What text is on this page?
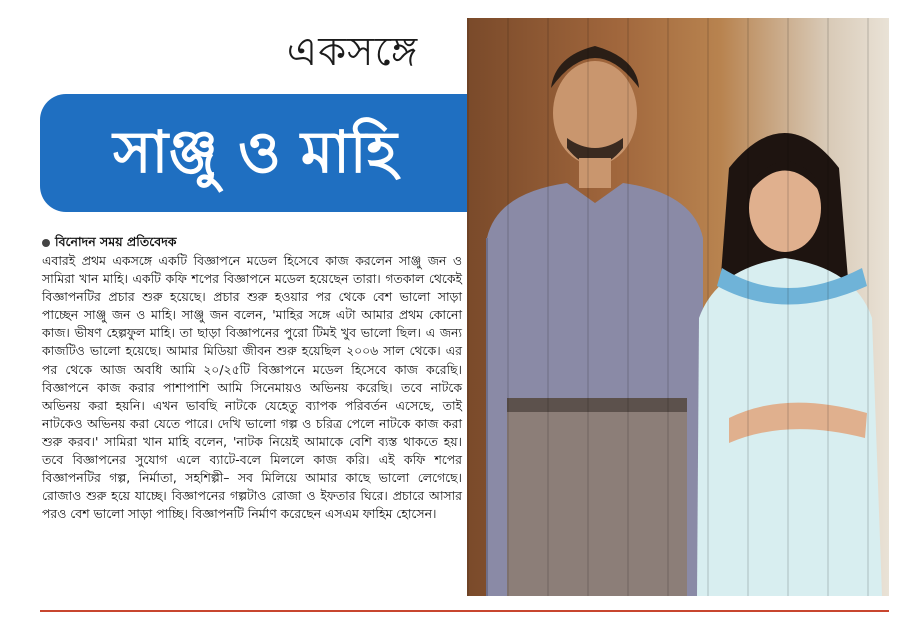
একসঙ্গে
সাঞ্জু ও মাহি
বিনোদন সময় প্রতিবেদক
এবারই প্রথম একসঙ্গে একটি বিজ্ঞাপনে মডেল হিসেবে কাজ করলেন সাঞ্জু জন ও সামিরা খান মাহি। একটি কফি শপের বিজ্ঞাপনে মডেল হয়েছেন তারা। গতকাল থেকেই বিজ্ঞাপনটির প্রচার শুরু হয়েছে। প্রচার শুরু হওয়ার পর থেকে বেশ ভালো সাড়া পাচ্ছেন সাঞ্জু জন ও মাহি। সাঞ্জু জন বলেন, 'মাহির সঙ্গে এটা আমার প্রথম কোনো কাজ। ভীষণ হেল্পফুল মাহি। তা ছাড়া বিজ্ঞাপনের পুরো টিমই খুব ভালো ছিল। এ জন্য কাজটিও ভালো হয়েছে। আমার মিডিয়া জীবন শুরু হয়েছিল ২০০৬ সাল থেকে। এর পর থেকে আজ অবধি আমি ২০/২৫টি বিজ্ঞাপনে মডেল হিসেবে কাজ করেছি। বিজ্ঞাপনে কাজ করার পাশাপাশি আমি সিনেমায়ও অভিনয় করেছি। তবে নাটকে অভিনয় করা হয়নি। এখন ভাবছি নাটকে যেহেতু ব্যাপক পরিবর্তন এসেছে, তাই নাটকেও অভিনয় করা যেতে পারে। দেখি ভালো গল্প ও চরিত্র পেলে নাটকে কাজ করা শুরু করব।' সামিরা খান মাহি বলেন, 'নাটক নিয়েই আমাকে বেশি ব্যস্ত থাকতে হয়। তবে বিজ্ঞাপনের সুযোগ এলে ব্যাটে-বলে মিললে কাজ করি। এই কফি শপের বিজ্ঞাপনটির গল্প, নির্মাতা, সহশিল্পী– সব মিলিয়ে আমার কাছে ভালো লেগেছে। রোজাও শুরু হয়ে যাচ্ছে। বিজ্ঞাপনের গল্পটাও রোজা ও ইফতার ঘিরে। প্রচারে আসার পরও বেশ ভালো সাড়া পাচ্ছি। বিজ্ঞাপনটি নির্মাণ করেছেন এসএম ফাহিম হোসেন।
